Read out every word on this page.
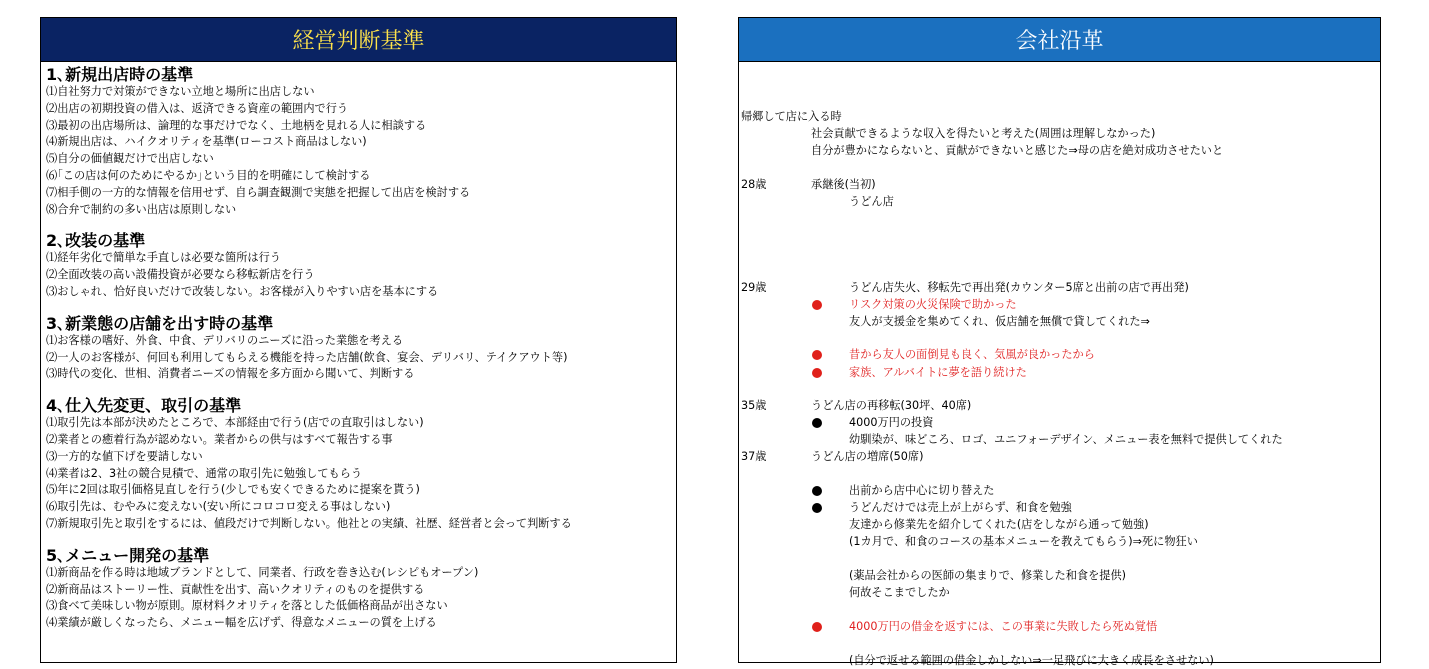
経営判断基準
1､新規出店時の基準
⑴自社努力で対策ができない立地と場所に出店しない
⑵出店の初期投資の借入は、返済できる資産の範囲内で行う
⑶最初の出店場所は、論理的な事だけでなく、土地柄を見れる人に相談する
⑷新規出店は、ハイクオリティを基準(ローコスト商品はしない)
⑸自分の価値観だけで出店しない
⑹｢この店は何のためにやるか｣という目的を明確にして検討する
⑺相手側の一方的な情報を信用せず、自ら調査観測で実態を把握して出店を検討する
⑻合弁で制約の多い出店は原則しない
2､改装の基準
⑴経年劣化で簡単な手直しは必要な箇所は行う
⑵全面改装の高い設備投資が必要なら移転新店を行う
⑶おしゃれ、恰好良いだけで改装しない。お客様が入りやすい店を基本にする
3､新業態の店舗を出す時の基準
⑴お客様の嗜好、外食、中食、デリバリのニーズに沿った業態を考える
⑵一人のお客様が、何回も利用してもらえる機能を持った店舗(飲食、宴会、デリバリ、テイクアウト等)
⑶時代の変化、世相、消費者ニーズの情報を多方面から聞いて、判断する
4､仕入先変更、取引の基準
⑴取引先は本部が決めたところで、本部経由で行う(店での直取引はしない)
⑵業者との癒着行為が認めない。業者からの供与はすべて報告する事
⑶一方的な値下げを要請しない
⑷業者は2、3社の競合見積で、通常の取引先に勉強してもらう
⑸年に2回は取引価格見直しを行う(少しでも安くできるために提案を貰う)
⑹取引先は、むやみに変えない(安い所にコロコロ変える事はしない)
⑺新規取引先と取引をするには、値段だけで判断しない。他社との実績、社歴、経営者と会って判断する
5､メニュー開発の基準
⑴新商品を作る時は地域ブランドとして、同業者、行政を巻き込む(レシピもオープン)
⑵新商品はストーリー性、貢献性を出す、高いクオリティのものを提供する
⑶食べて美味しい物が原則。原材料クオリティを落とした低価格商品が出さない
⑷業績が厳しくなったら、メニュー幅を広げず、得意なメニューの質を上げる
会社沿革
帰郷して店に入る時
社会貢献できるような収入を得たいと考えた(周囲は理解しなかった)
自分が豊かにならないと、貢献ができないと感じた⇒母の店を絶対成功させたいと
28歳	承継後(当初)
うどん店
29歳	うどん店失火、移転先で再出発(カウンター5席と出前の店で再出発)
リスク対策の火災保険で助かった
友人が支援金を集めてくれ、仮店舗を無償で貸してくれた⇒
昔から友人の面倒見も良く、気風が良かったから
家族、アルバイトに夢を語り続けた
35歳	うどん店の再移転(30坪、40席)
4000万円の投資
幼馴染が、味どころ、ロゴ、ユニフォーデザイン、メニュー表を無料で提供してくれた
37歳	うどん店の増席(50席)
出前から店中心に切り替えた
うどんだけでは売上が上がらず、和食を勉強
友達から修業先を紹介してくれた(店をしながら通って勉強)
(1カ月で、和食のコースの基本メニューを教えてもらう)⇒死に物狂い
(薬品会社からの医師の集まりで、修業した和食を提供)
何故そこまでしたか
4000万円の借金を返すには、この事業に失敗したら死ぬ覚悟
(自分で返せる範囲の借金しかしない⇒一足飛びに大きく成長をさせない)
